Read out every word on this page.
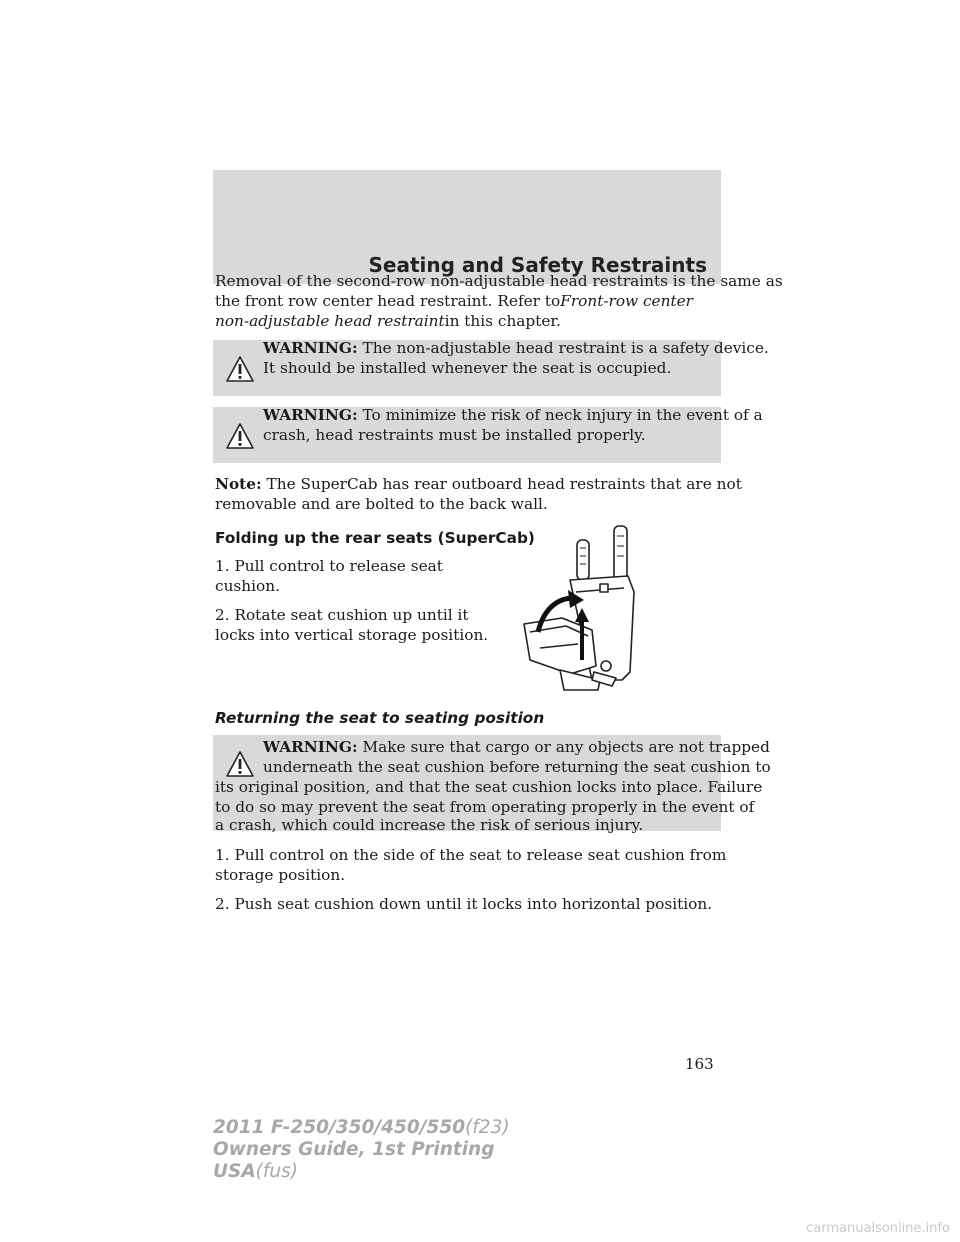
Seating and Safety Restraints
Removal of the second-row non-adjustable head restraints is the same as
the front row center head restraint. Refer toFront-row center
non-adjustable head restraintin this chapter.
WARNING: The non-adjustable head restraint is a safety device.
It should be installed whenever the seat is occupied.
WARNING: To minimize the risk of neck injury in the event of a
crash, head restraints must be installed properly.
Note: The SuperCab has rear outboard head restraints that are not
removable and are bolted to the back wall.
Folding up the rear seats (SuperCab)
1. Pull control to release seat
cushion.
2. Rotate seat cushion up until it
locks into vertical storage position.
Returning the seat to seating position
WARNING: Make sure that cargo or any objects are not trapped
underneath the seat cushion before returning the seat cushion to
its original position, and that the seat cushion locks into place. Failure
to do so may prevent the seat from operating properly in the event of
a crash, which could increase the risk of serious injury.
1. Pull control on the side of the seat to release seat cushion from
storage position.
2. Push seat cushion down until it locks into horizontal position.
163
2011 F-250/350/450/550(f23)
Owners Guide, 1st Printing
USA(fus)
carmanualsonline.info
